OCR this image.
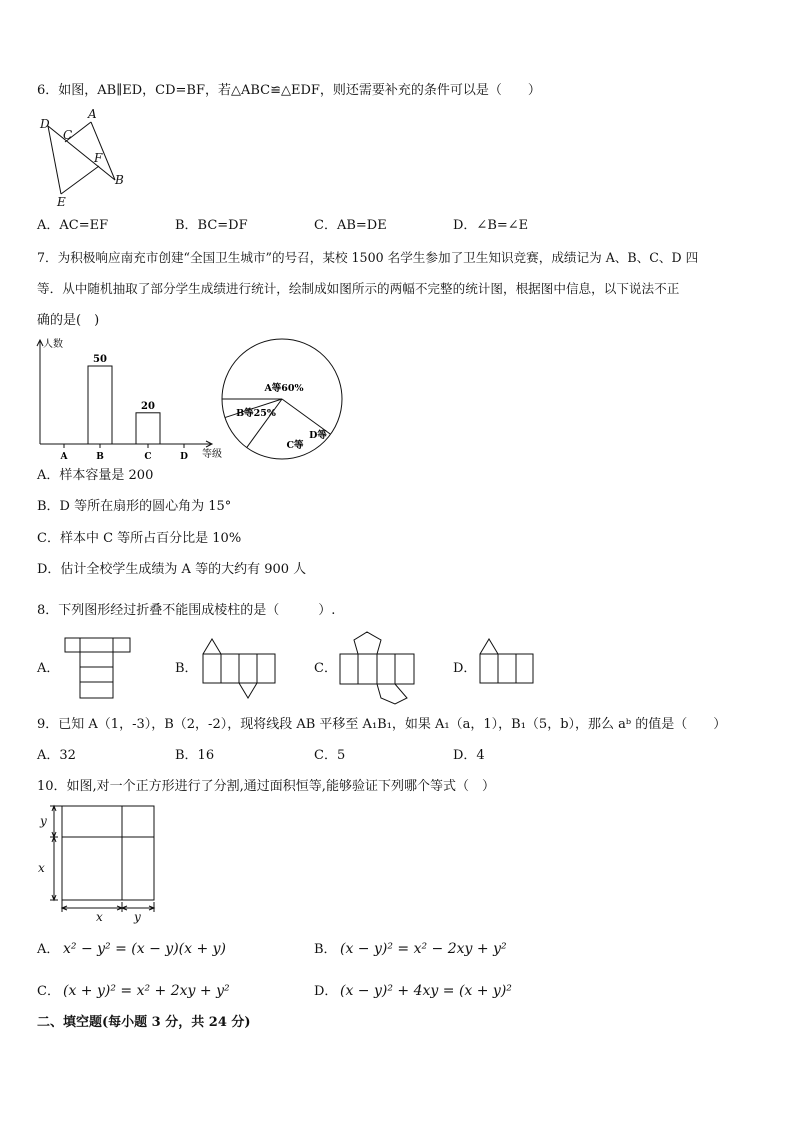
6．如图，AB∥ED，CD=BF，若△ABC≌△EDF，则还需要补充的条件可以是（　　）
D
C
A
F
B
E
A．AC=EF	B．BC=DF	C．AB=DE	D．∠B=∠E
7．为积极响应南充市创建“全国卫生城市”的号召，某校 1500 名学生参加了卫生知识竞赛，成绩记为 A、B、C、D 四
等．从中随机抽取了部分学生成绩进行统计，绘制成如图所示的两幅不完整的统计图，根据图中信息，以下说法不正
确的是(　)
人数
等级
A	B
50
C
20
D
A等60%
B等25%
C等
D等
A．样本容量是 200
B．D 等所在扇形的圆心角为 15°
C．样本中 C 等所占百分比是 10%
D．估计全校学生成绩为 A 等的大约有 900 人
8．下列图形经过折叠不能围成棱柱的是（　　　）.
A．	B．	C．	D．
9．已知 A（1，-3），B（2，-2），现将线段 AB 平移至 A₁B₁，如果 A₁（a，1），B₁（5，b），那么 aᵇ 的值是（　　）
A．32	B．16	C．5	D．4
10．如图,对一个正方形进行了分割,通过面积恒等,能够验证下列哪个等式（　）
y
x
x	y
A． x² − y² = (x − y)(x + y)	B． (x − y)² = x² − 2xy + y²
C． (x + y)² = x² + 2xy + y²	D． (x − y)² + 4xy = (x + y)²
二、填空题(每小题 3 分，共 24 分)
